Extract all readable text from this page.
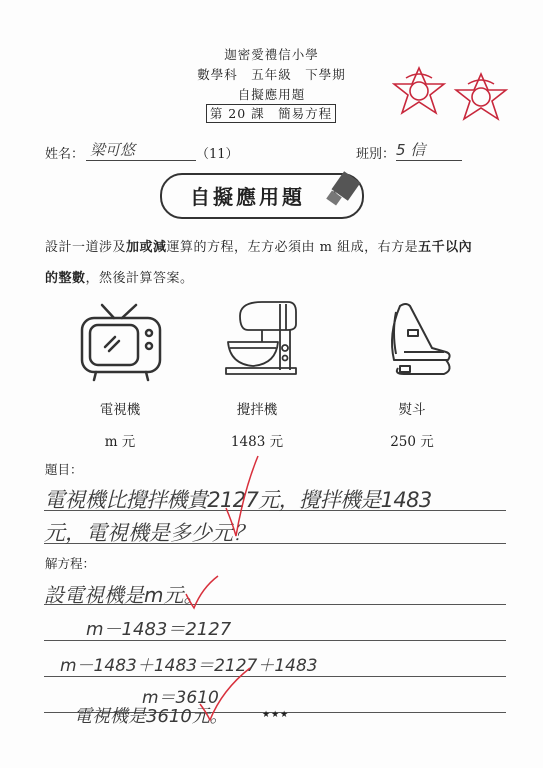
迦密愛禮信小學
數學科　五年級　下學期
自擬應用題
第 20 課　簡易方程
姓名： 梁可悠	（11）	班別： 5 信
自擬應用題
設計一道涉及加或減運算的方程，左方必須由 m 組成，右方是五千以內
的整數，然後計算答案。
電視機	攪拌機	熨斗
m 元	1483 元	250 元
題目：
電視機比攪拌機貴2127元，攪拌機是1483
元，電視機是多少元？
解方程：
設電視機是m元。
m－1483＝2127
m－1483＋1483＝2127＋1483
m＝3610
電視機是3610元。	★★★
